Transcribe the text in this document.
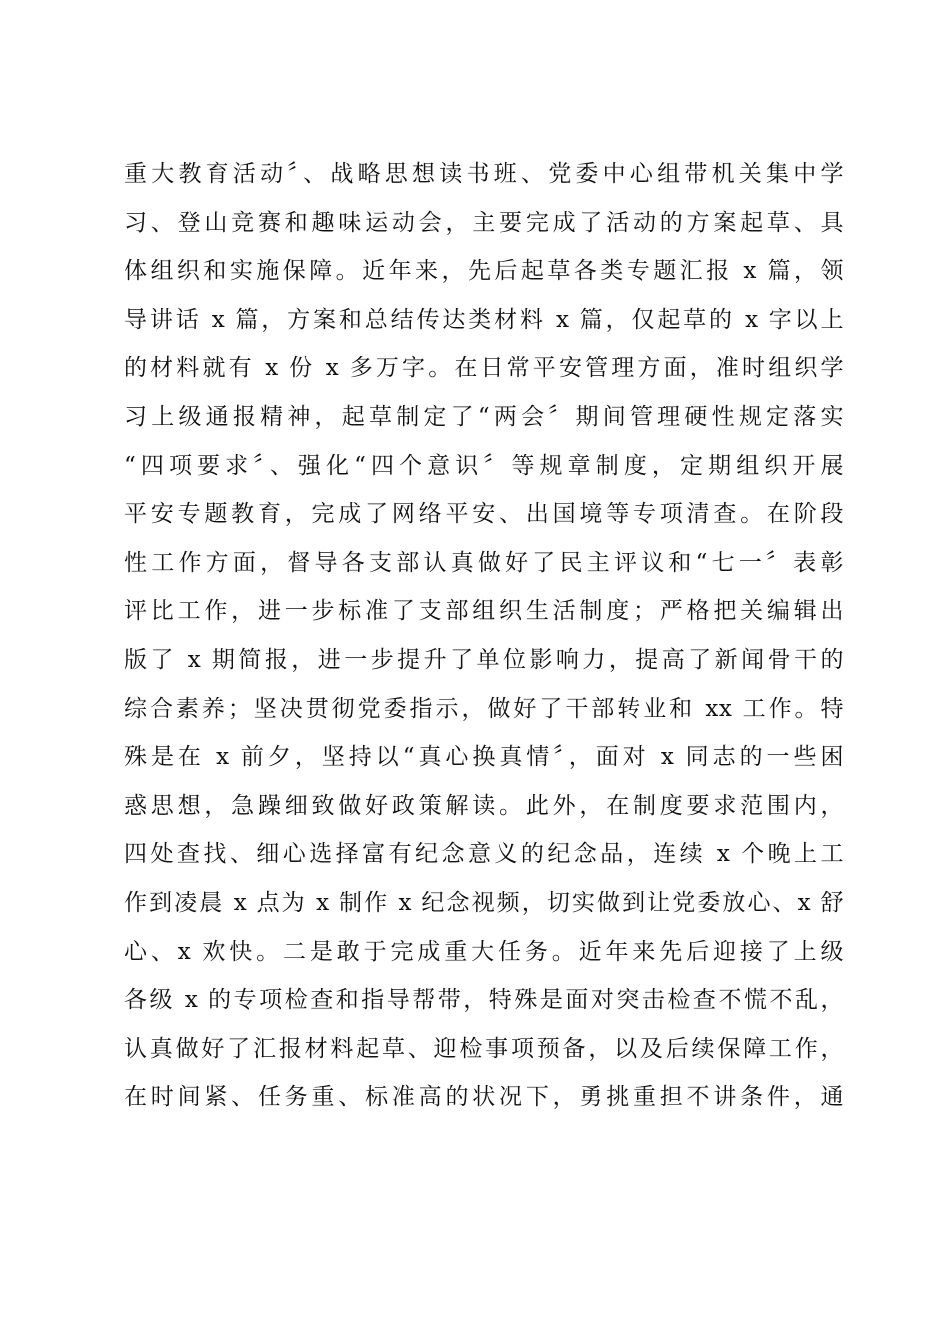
重大教育活动〞、战略思想读书班、党委中心组带机关集中学
习、登山竞赛和趣味运动会，主要完成了活动的方案起草、具
体组织和实施保障。近年来，先后起草各类专题汇报 x 篇，领
导讲话 x 篇，方案和总结传达类材料 x 篇，仅起草的 x 字以上
的材料就有 x 份 x 多万字。在日常平安管理方面，准时组织学
习上级通报精神，起草制定了“两会〞期间管理硬性规定落实
“四项要求〞、强化“四个意识〞等规章制度，定期组织开展
平安专题教育，完成了网络平安、出国境等专项清查。在阶段
性工作方面，督导各支部认真做好了民主评议和“七一〞表彰
评比工作，进一步标准了支部组织生活制度；严格把关编辑出
版了 x 期简报，进一步提升了单位影响力，提高了新闻骨干的
综合素养；坚决贯彻党委指示，做好了干部转业和 xx 工作。特
殊是在 x 前夕，坚持以“真心换真情〞，面对 x 同志的一些困
惑思想，急躁细致做好政策解读。此外，在制度要求范围内，
四处查找、细心选择富有纪念意义的纪念品，连续 x 个晚上工
作到凌晨 x 点为 x 制作 x 纪念视频，切实做到让党委放心、x 舒
心、x 欢快。二是敢于完成重大任务。近年来先后迎接了上级
各级 x 的专项检查和指导帮带，特殊是面对突击检查不慌不乱，
认真做好了汇报材料起草、迎检事项预备，以及后续保障工作，
在时间紧、任务重、标准高的状况下，勇挑重担不讲条件，通
